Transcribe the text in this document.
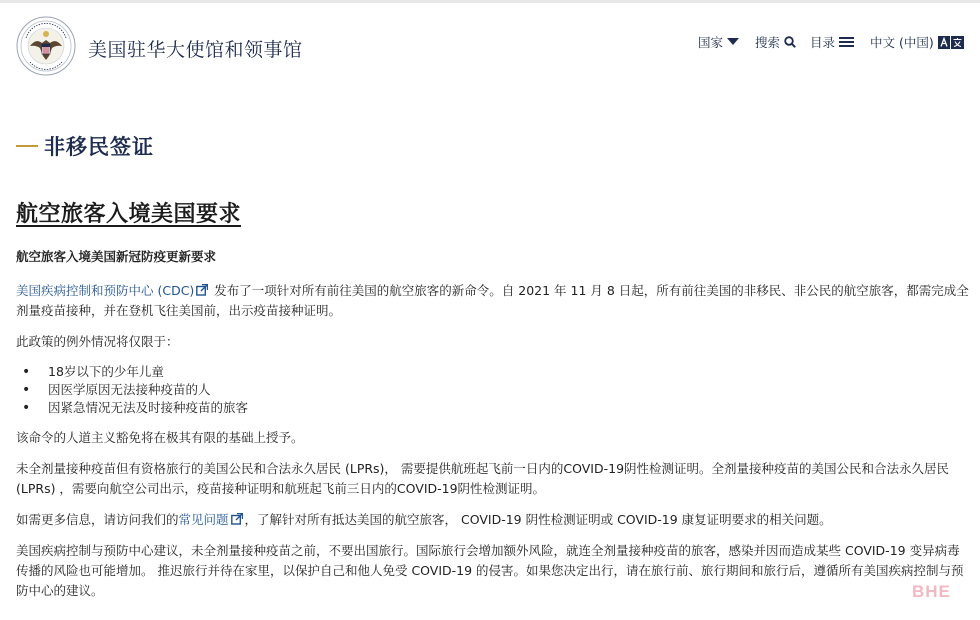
美国驻华大使馆和领事馆	国家	搜索 目录	中文 (中国)
非移民签证
航空旅客入境美国要求

航空旅客入境美国新冠防疫更新要求

美国疾病控制和预防中心 (CDC) 发布了一项针对所有前往美国的航空旅客的新命令。自 2021 年 11 月 8 日起，所有前往美国的非移民、非公民的航空旅客，都需完成全剂量疫苗接种，并在登机飞往美国前，出示疫苗接种证明。

此政策的例外情况将仅限于：

• 18岁以下的少年儿童
• 因医学原因无法接种疫苗的人
• 因紧急情况无法及时接种疫苗的旅客

该命令的人道主义豁免将在极其有限的基础上授予。

未全剂量接种疫苗但有资格旅行的美国公民和合法永久居民 (LPRs)， 需要提供航班起飞前一日内的COVID-19阴性检测证明。全剂量接种疫苗的美国公民和合法永久居民 (LPRs) ，需要向航空公司出示，疫苗接种证明和航班起飞前三日内的COVID-19阴性检测证明。

如需更多信息，请访问我们的常见问题 ，了解针对所有抵达美国的航空旅客， COVID-19 阴性检测证明或 COVID-19 康复证明要求的相关问题。

美国疾病控制与预防中心建议，未全剂量接种疫苗之前，不要出国旅行。国际旅行会增加额外风险，就连全剂量接种疫苗的旅客，感染并因而造成某些 COVID-19 变异病毒传播的风险也可能增加。 推迟旅行并待在家里，以保护自己和他人免受 COVID-19 的侵害。如果您决定出行，请在旅行前、旅行期间和旅行后，遵循所有美国疾病控制与预防中心的建议。	BHE
